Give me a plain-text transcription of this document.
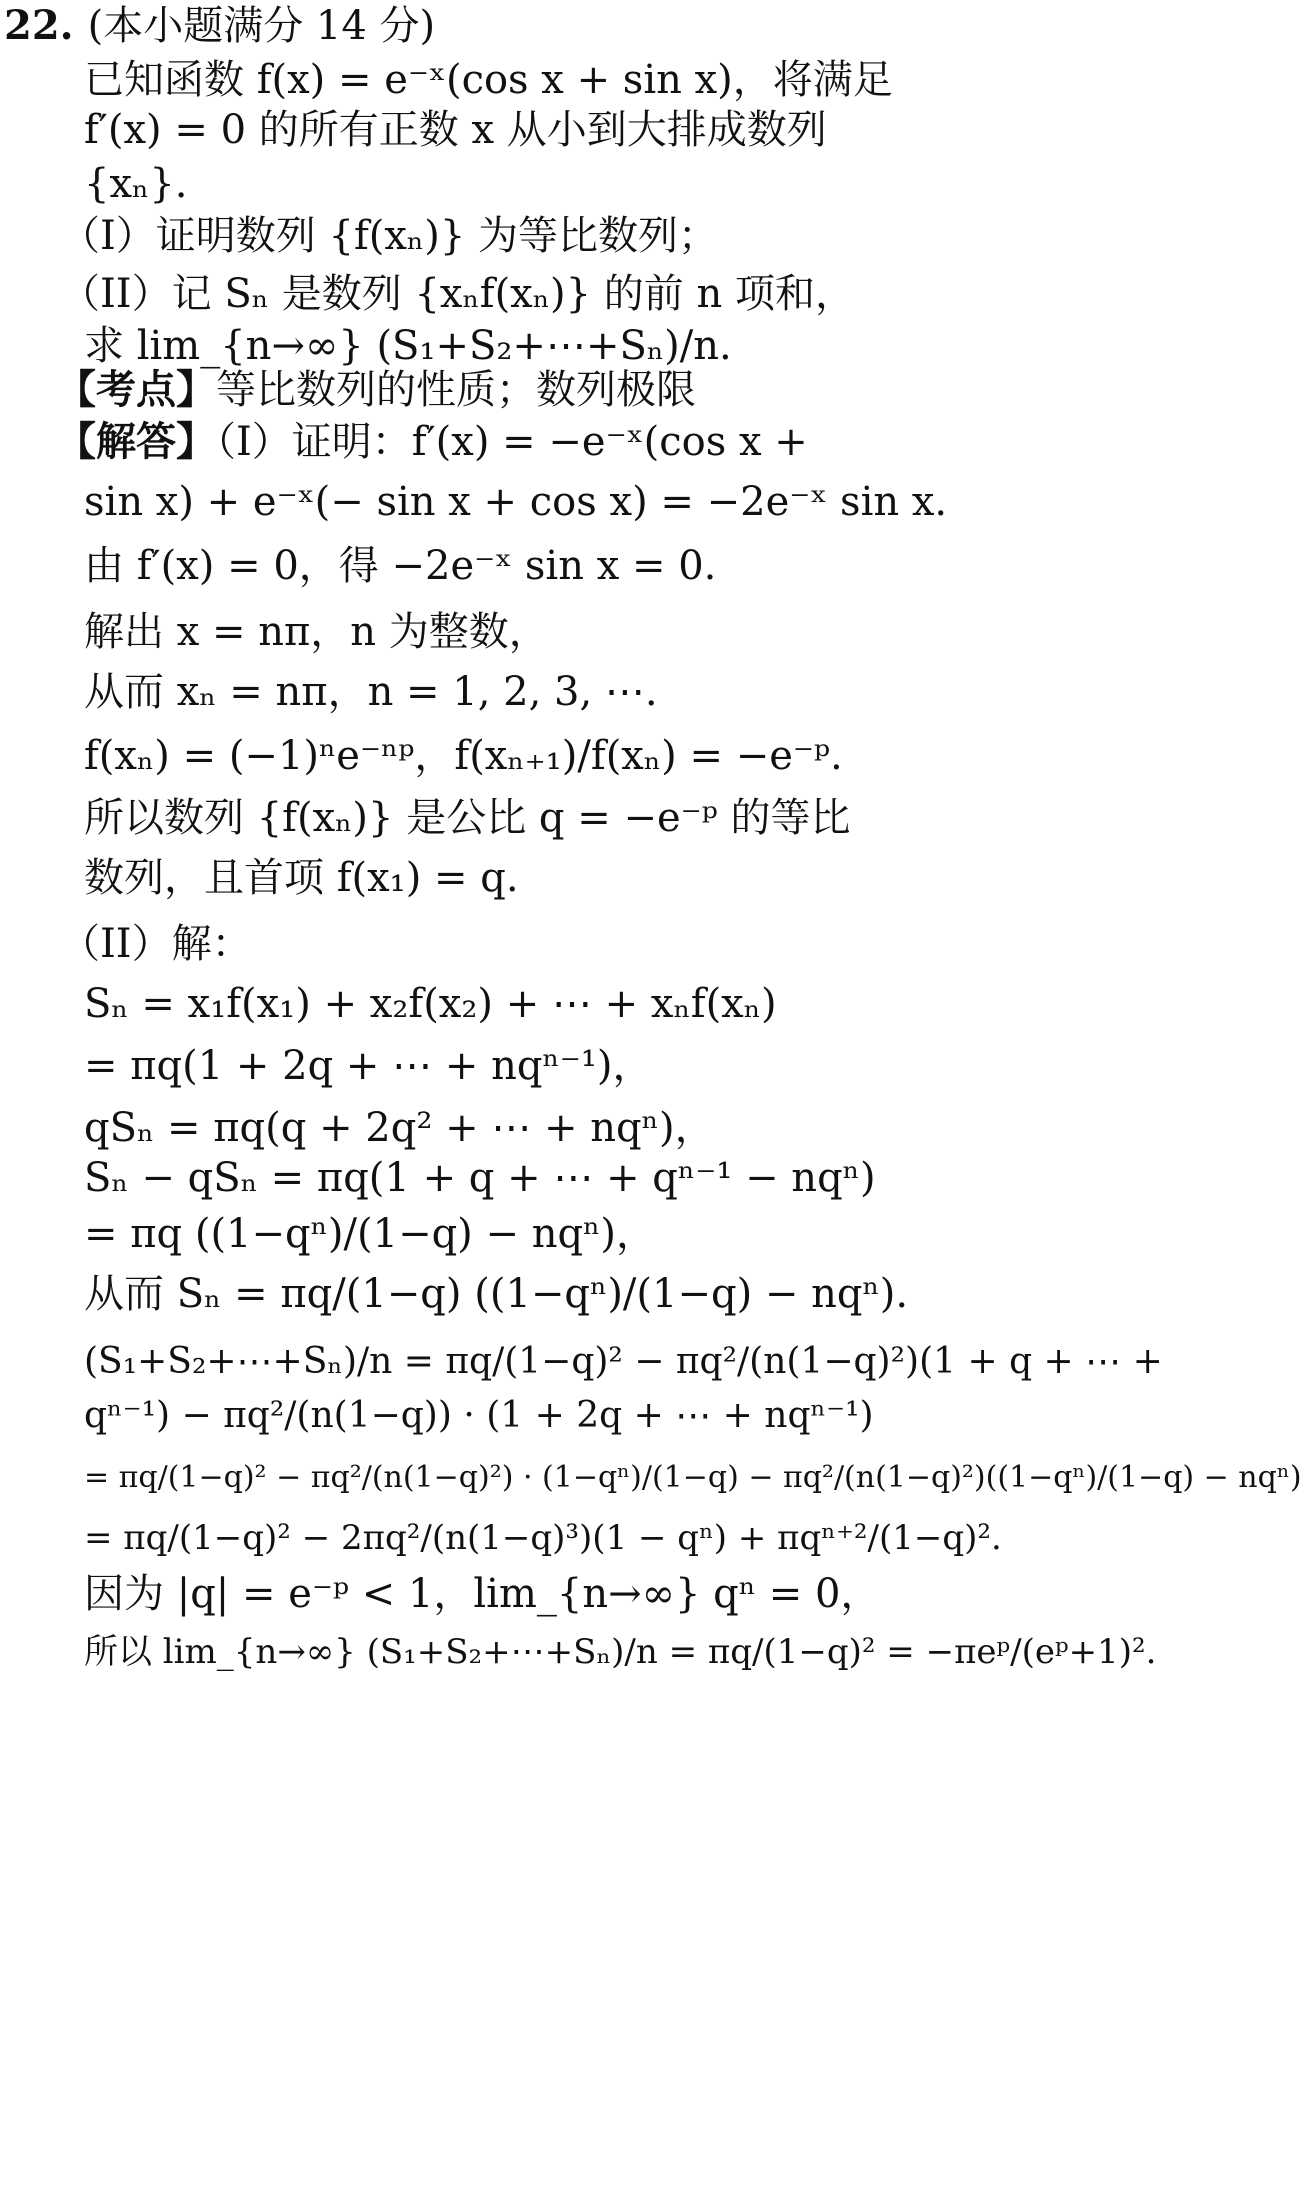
22. (本小题满分 14 分)
已知函数 f(x) = e⁻ˣ(cos x + sin x)，将满足
f′(x) = 0 的所有正数 x 从小到大排成数列
{xₙ}.
（I）证明数列 {f(xₙ)} 为等比数列；
（II）记 Sₙ 是数列 {xₙf(xₙ)} 的前 n 项和，
求 lim_{n→∞} (S₁+S₂+⋯+Sₙ)/n.
【考点】等比数列的性质；数列极限
【解答】（I）证明：f′(x) = −e⁻ˣ(cos x +
sin x) + e⁻ˣ(− sin x + cos x) = −2e⁻ˣ sin x.
由 f′(x) = 0，得 −2e⁻ˣ sin x = 0.
解出 x = nπ，n 为整数，
从而 xₙ = nπ，n = 1, 2, 3, ⋯.
f(xₙ) = (−1)ⁿe⁻ⁿᵖ，f(xₙ₊₁)/f(xₙ) = −e⁻ᵖ.
所以数列 {f(xₙ)} 是公比 q = −e⁻ᵖ 的等比
数列，且首项 f(x₁) = q.
（II）解：
Sₙ = x₁f(x₁) + x₂f(x₂) + ⋯ + xₙf(xₙ)
= πq(1 + 2q + ⋯ + nqⁿ⁻¹)，
qSₙ = πq(q + 2q² + ⋯ + nqⁿ)，
Sₙ − qSₙ = πq(1 + q + ⋯ + qⁿ⁻¹ − nqⁿ)
= πq ((1−qⁿ)/(1−q) − nqⁿ)，
从而 Sₙ = πq/(1−q) ((1−qⁿ)/(1−q) − nqⁿ).
(S₁+S₂+⋯+Sₙ)/n = πq/(1−q)² − πq²/(n(1−q)²)(1 + q + ⋯ +
qⁿ⁻¹) − πq²/(n(1−q)) · (1 + 2q + ⋯ + nqⁿ⁻¹)
= πq/(1−q)² − πq²/(n(1−q)²) · (1−qⁿ)/(1−q) − πq²/(n(1−q)²)((1−qⁿ)/(1−q) − nqⁿ)
= πq/(1−q)² − 2πq²/(n(1−q)³)(1 − qⁿ) + πqⁿ⁺²/(1−q)².
因为 |q| = e⁻ᵖ < 1，lim_{n→∞} qⁿ = 0，
所以 lim_{n→∞} (S₁+S₂+⋯+Sₙ)/n = πq/(1−q)² = −πeᵖ/(eᵖ+1)².
